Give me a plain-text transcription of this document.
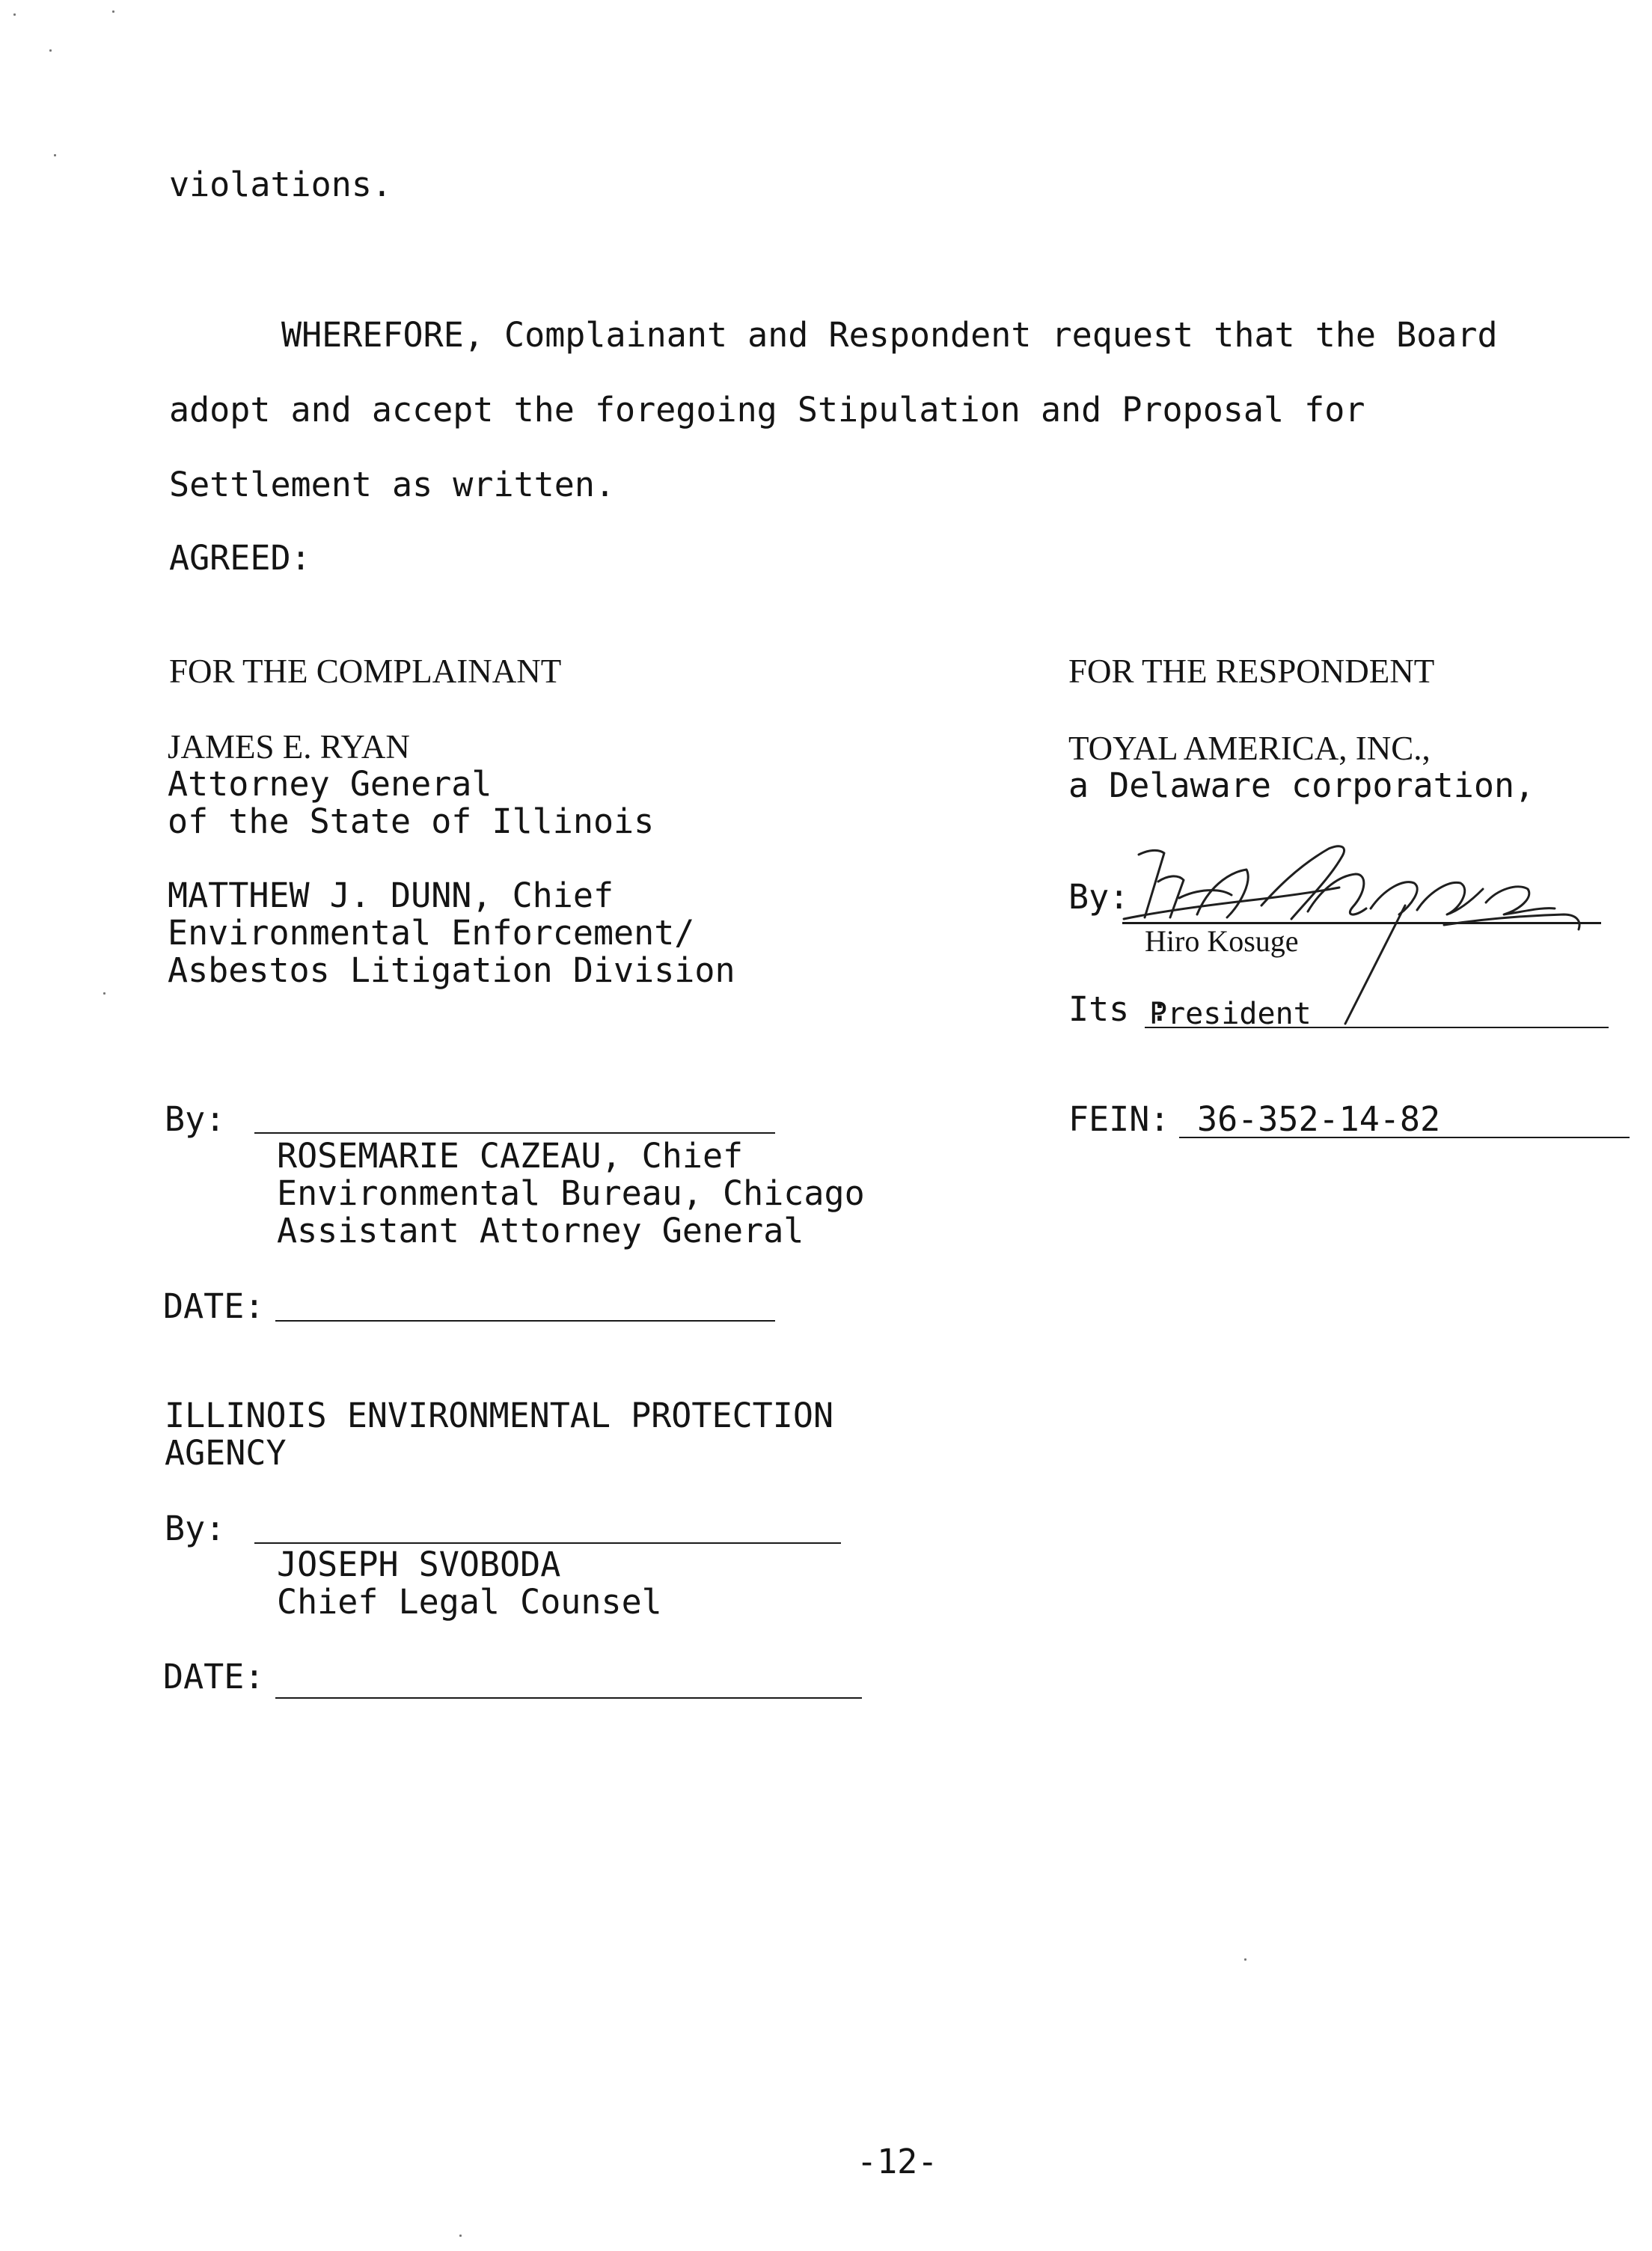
violations.
WHEREFORE, Complainant and Respondent request that the Board
adopt and accept the foregoing Stipulation and Proposal for
Settlement as written.
AGREED:
FOR THE COMPLAINANT
JAMES E. RYAN
Attorney General
of the State of Illinois
MATTHEW J. DUNN, Chief
Environmental Enforcement/
Asbestos Litigation Division
By:
ROSEMARIE CAZEAU, Chief
Environmental Bureau, Chicago
Assistant Attorney General
DATE:
ILLINOIS ENVIRONMENTAL PROTECTION
AGENCY
By:
JOSEPH SVOBODA
Chief Legal Counsel
DATE:
FOR THE RESPONDENT
TOYAL AMERICA, INC.,
a Delaware corporation,
By:
Hiro Kosuge
Its :
President
FEIN: 36-352-14-82
-12-
